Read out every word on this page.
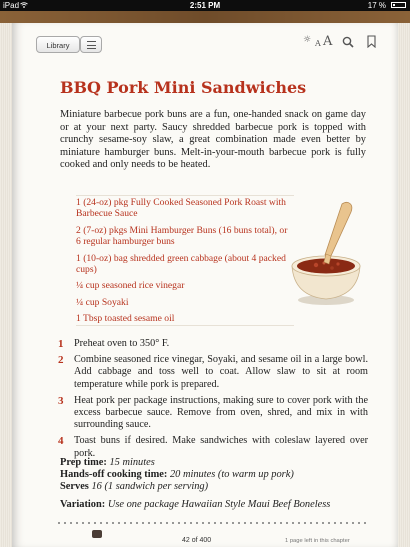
iPad	2:51 PM	17 %
Library
☼ A A
BBQ Pork Mini Sandwiches
Miniature barbecue pork buns are a fun, one-handed snack on game day or at your next party. Saucy shredded barbecue pork is topped with crunchy sesame-soy slaw, a great combination made even better by miniature hamburger buns. Melt-in-your-mouth barbecue pork is fully cooked and only needs to be heated.
1 (24-oz) pkg Fully Cooked Seasoned Pork Roast with Barbecue Sauce
2 (7-oz) pkgs Mini Hamburger Buns (16 buns total), or 6 regular hamburger buns
1 (10-oz) bag shredded green cabbage (about 4 packed cups)
¼ cup seasoned rice vinegar
¼ cup Soyaki
1 Tbsp toasted sesame oil
1 Preheat oven to 350° F.
2 Combine seasoned rice vinegar, Soyaki, and sesame oil in a large bowl. Add cabbage and toss well to coat. Allow slaw to sit at room temperature while pork is prepared.
3 Heat pork per package instructions, making sure to cover pork with the excess barbecue sauce. Remove from oven, shred, and mix in with surrounding sauce.
4 Toast buns if desired. Make sandwiches with coleslaw layered over pork.
Prep time: 15 minutes
Hands-off cooking time: 20 minutes (to warm up pork)
Serves 16 (1 sandwich per serving)
Variation: Use one package Hawaiian Style Maui Beef Boneless
42 of 400	1 page left in this chapter
